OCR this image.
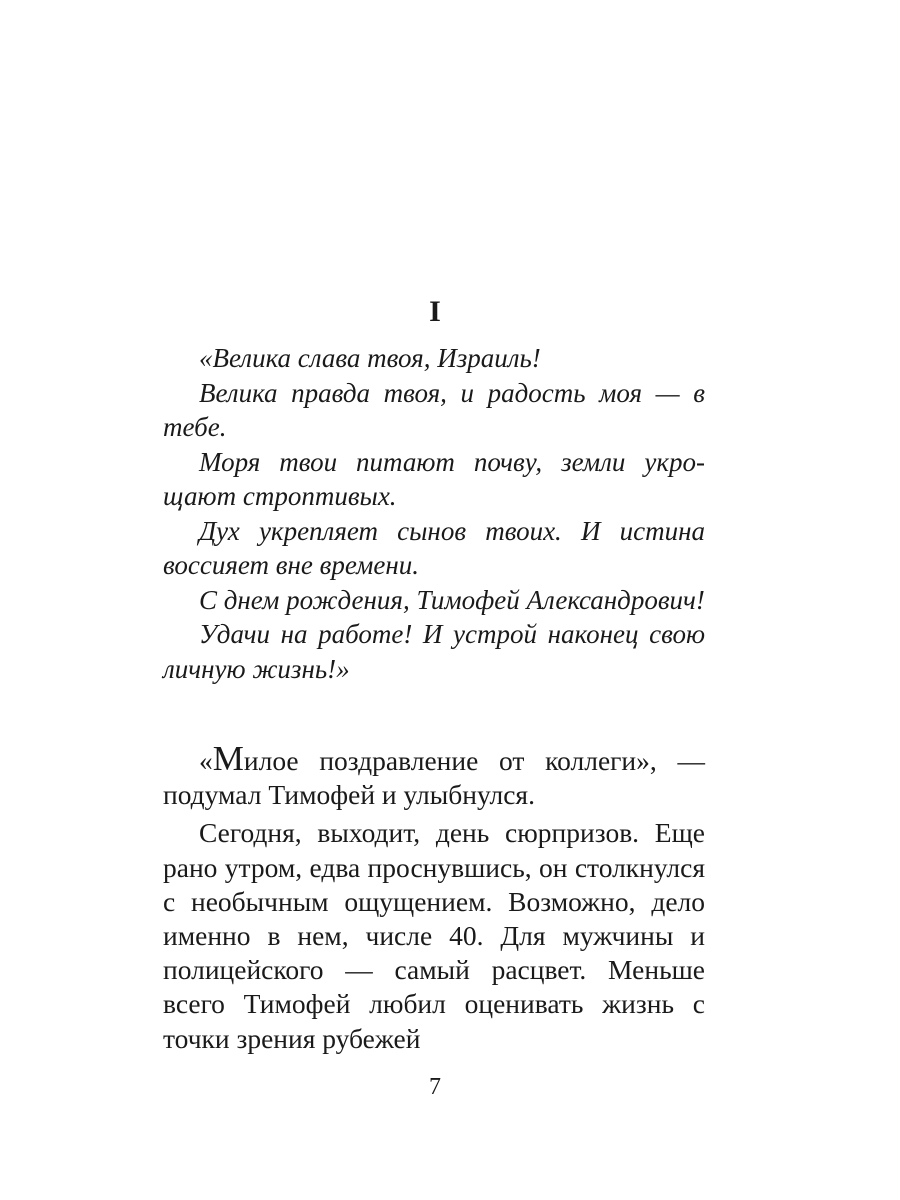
I

«Велика слава твоя, Израиль!

Велика правда твоя, и радость моя — в тебе.

Моря твои питают почву, земли укрощают строптивых.

Дух укрепляет сынов твоих. И истина воссияет вне времени.

С днем рождения, Тимофей Александрович!

Удачи на работе! И устрой наконец свою личную жизнь!»

«Милое поздравление от коллеги», — подумал Тимофей и улыбнулся.

Сегодня, выходит, день сюрпризов. Еще рано утром, едва проснувшись, он столкнулся с необычным ощущением. Возможно, дело именно в нем, числе 40. Для мужчины и полицейского — самый расцвет. Меньше всего Тимофей любил оценивать жизнь с точки зрения рубежей

7
